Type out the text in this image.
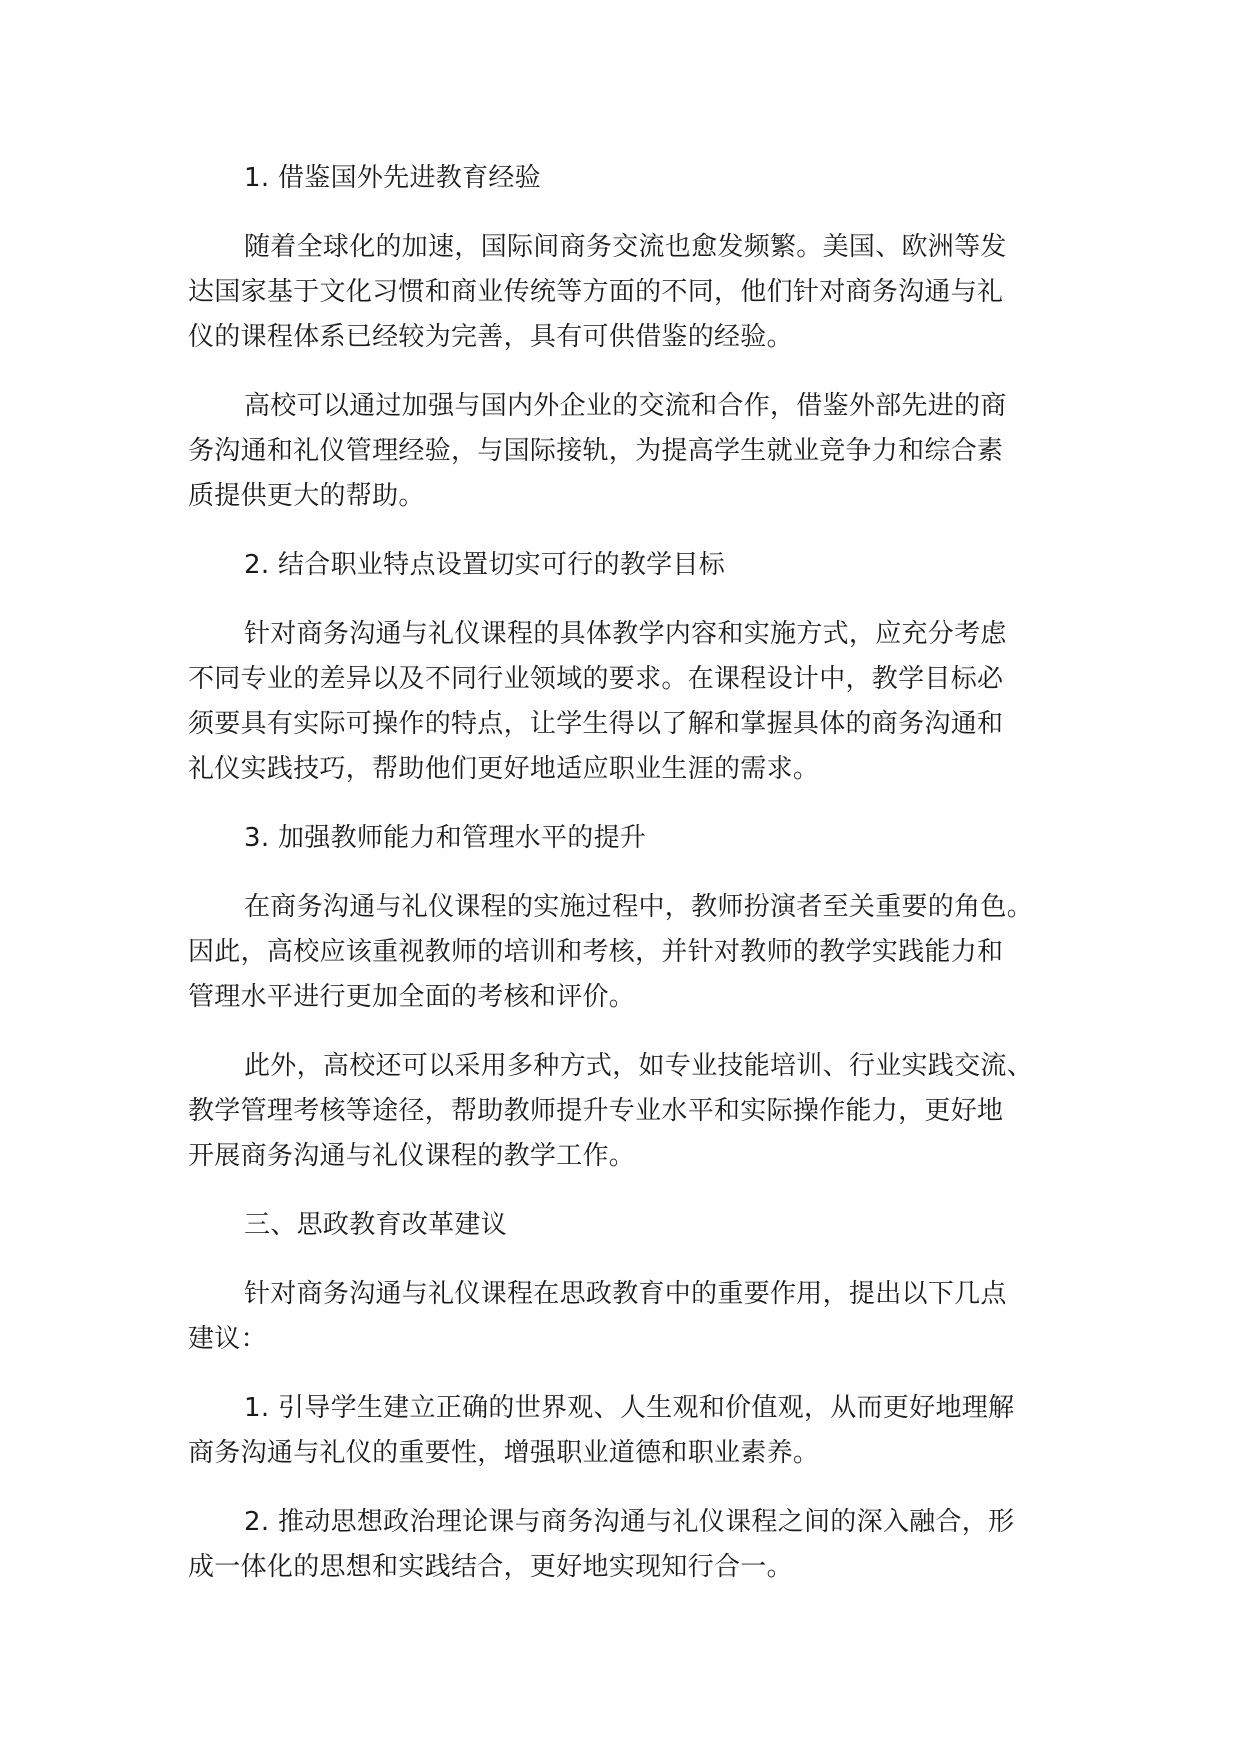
1. 借鉴国外先进教育经验
随着全球化的加速，国际间商务交流也愈发频繁。美国、欧洲等发
达国家基于文化习惯和商业传统等方面的不同，他们针对商务沟通与礼
仪的课程体系已经较为完善，具有可供借鉴的经验。
高校可以通过加强与国内外企业的交流和合作，借鉴外部先进的商
务沟通和礼仪管理经验，与国际接轨，为提高学生就业竞争力和综合素
质提供更大的帮助。
2. 结合职业特点设置切实可行的教学目标
针对商务沟通与礼仪课程的具体教学内容和实施方式，应充分考虑
不同专业的差异以及不同行业领域的要求。在课程设计中，教学目标必
须要具有实际可操作的特点，让学生得以了解和掌握具体的商务沟通和
礼仪实践技巧，帮助他们更好地适应职业生涯的需求。
3. 加强教师能力和管理水平的提升
在商务沟通与礼仪课程的实施过程中，教师扮演者至关重要的角色。
因此，高校应该重视教师的培训和考核，并针对教师的教学实践能力和
管理水平进行更加全面的考核和评价。
此外，高校还可以采用多种方式，如专业技能培训、行业实践交流、
教学管理考核等途径，帮助教师提升专业水平和实际操作能力，更好地
开展商务沟通与礼仪课程的教学工作。
三、思政教育改革建议
针对商务沟通与礼仪课程在思政教育中的重要作用，提出以下几点
建议：
1. 引导学生建立正确的世界观、人生观和价值观，从而更好地理解
商务沟通与礼仪的重要性，增强职业道德和职业素养。
2. 推动思想政治理论课与商务沟通与礼仪课程之间的深入融合，形
成一体化的思想和实践结合，更好地实现知行合一。
